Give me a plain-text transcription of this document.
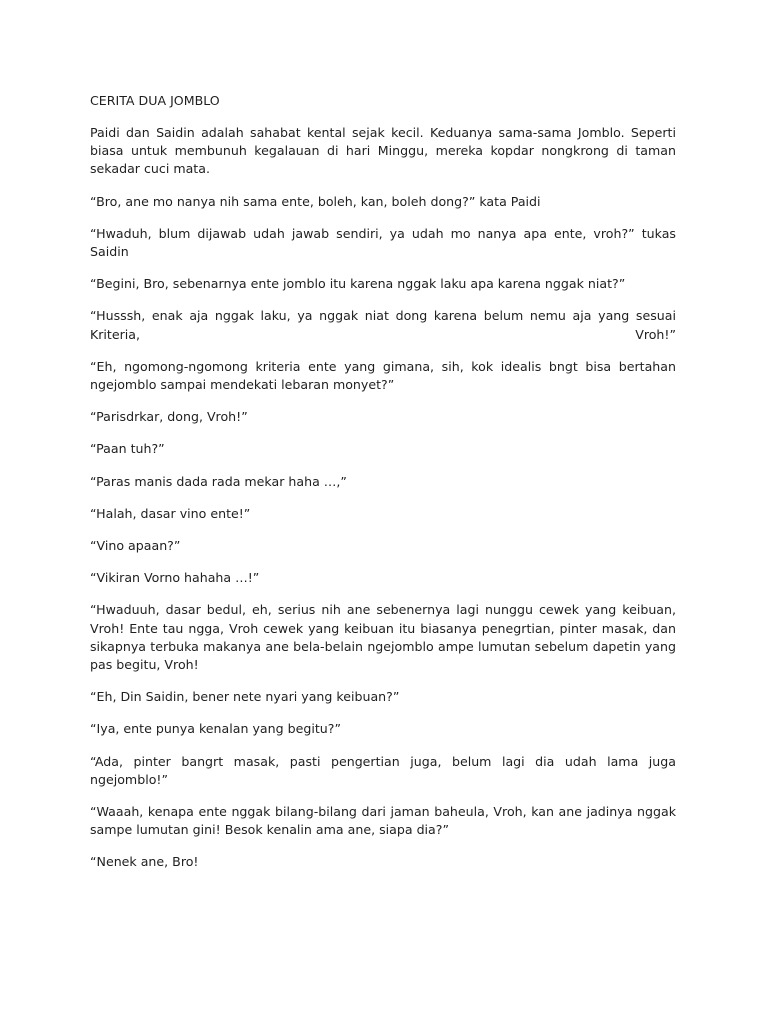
CERITA DUA JOMBLO

Paidi dan Saidin adalah sahabat kental sejak kecil. Keduanya sama-sama Jomblo. Seperti biasa untuk membunuh kegalauan di hari Minggu, mereka kopdar nongkrong di taman sekadar cuci mata.

“Bro, ane mo nanya nih sama ente, boleh, kan, boleh dong?” kata Paidi

“Hwaduh, blum dijawab udah jawab sendiri, ya udah mo nanya apa ente, vroh?” tukas Saidin

“Begini, Bro, sebenarnya ente jomblo itu karena nggak laku apa karena nggak niat?”

“Husssh, enak aja nggak laku, ya nggak niat dong karena belum nemu aja yang sesuai Kriteria, Vroh!”

“Eh, ngomong-ngomong kriteria ente yang gimana, sih, kok idealis bngt bisa bertahan ngejomblo sampai mendekati lebaran monyet?”

“Parisdrkar, dong, Vroh!”

“Paan tuh?”

“Paras manis dada rada mekar haha …,”

“Halah, dasar vino ente!”

“Vino apaan?”

“Vikiran Vorno hahaha …!”

“Hwaduuh, dasar bedul, eh, serius nih ane sebenernya lagi nunggu cewek yang keibuan, Vroh! Ente tau ngga, Vroh cewek yang keibuan itu biasanya penegrtian, pinter masak, dan sikapnya terbuka makanya ane bela-belain ngejomblo ampe lumutan sebelum dapetin yang pas begitu, Vroh!

“Eh, Din Saidin, bener nete nyari yang keibuan?”

“Iya, ente punya kenalan yang begitu?”

“Ada, pinter bangrt masak, pasti pengertian juga, belum lagi dia udah lama juga ngejomblo!”

“Waaah, kenapa ente nggak bilang-bilang dari jaman baheula, Vroh, kan ane jadinya nggak sampe lumutan gini! Besok kenalin ama ane, siapa dia?”

“Nenek ane, Bro!
